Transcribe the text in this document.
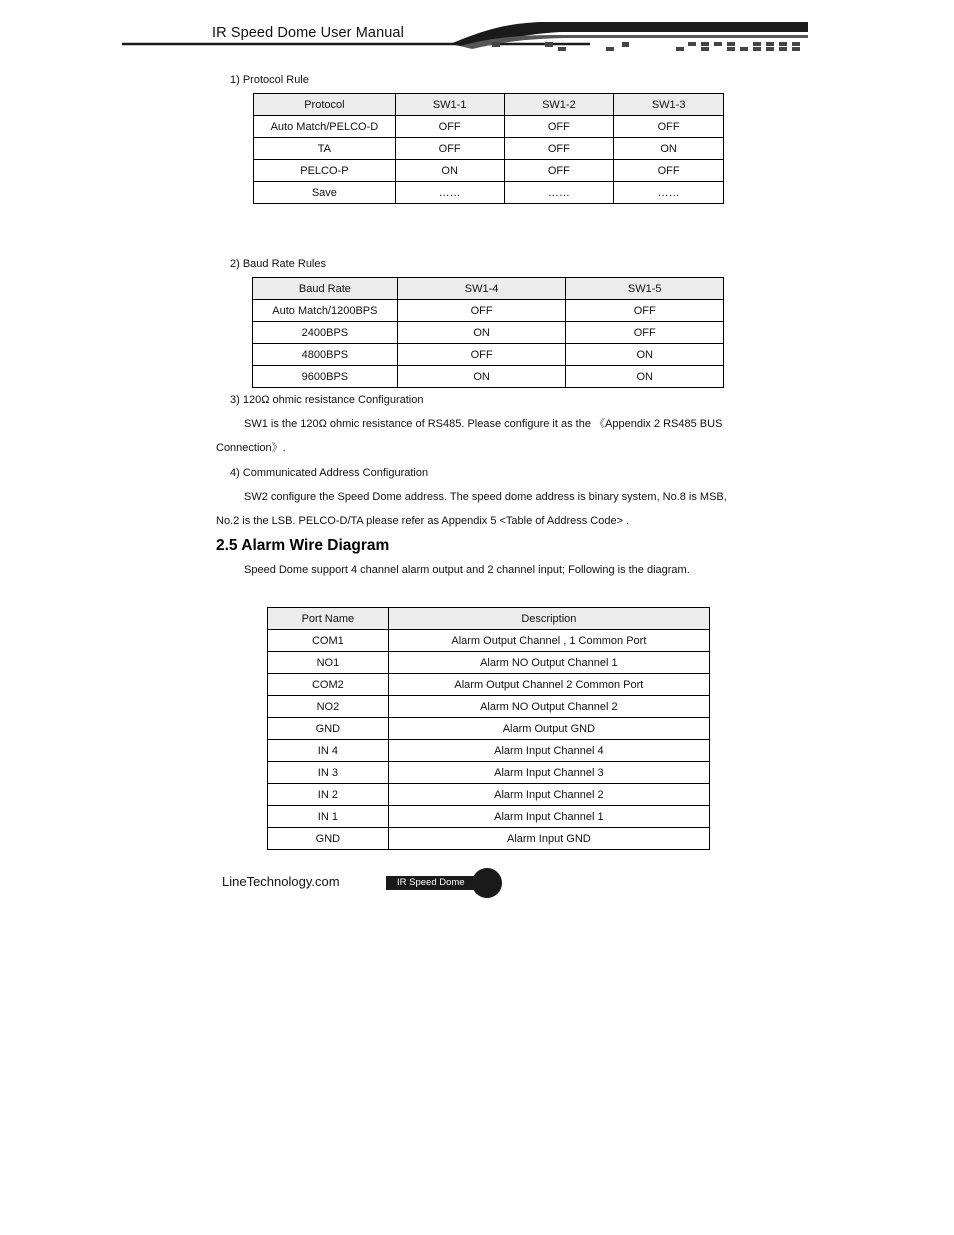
IR Speed Dome User Manual
1) Protocol Rule
Protocol	SW1-1	SW1-2	SW1-3
Auto Match/PELCO-D	OFF	OFF	OFF
TA	OFF	OFF	ON
PELCO-P	ON	OFF	OFF
Save	……	……	……
2) Baud Rate Rules
Baud Rate	SW1-4	SW1-5
Auto Match/1200BPS	OFF	OFF
2400BPS	ON	OFF
4800BPS	OFF	ON
9600BPS	ON	ON
3) 120Ω ohmic resistance Configuration
SW1 is the 120Ω ohmic resistance of RS485. Please configure it as the 《Appendix 2 RS485 BUS
Connection》.
4) Communicated Address Configuration
SW2 configure the Speed Dome address. The speed dome address is binary system, No.8 is MSB,
No.2 is the LSB. PELCO-D/TA please refer as Appendix 5 <Table of Address Code> .
2.5 Alarm Wire Diagram
Speed Dome support 4 channel alarm output and 2 channel input; Following is the diagram.
Port Name	Description
COM1	Alarm Output Channel , 1 Common Port
NO1	Alarm NO Output Channel 1
COM2	Alarm Output Channel 2 Common Port
NO2	Alarm NO Output Channel 2
GND	Alarm Output GND
IN 4	Alarm Input Channel 4
IN 3	Alarm Input Channel 3
IN 2	Alarm Input Channel 2
IN 1	Alarm Input Channel 1
GND	Alarm Input GND
LineTechnology.com	IR Speed Dome
